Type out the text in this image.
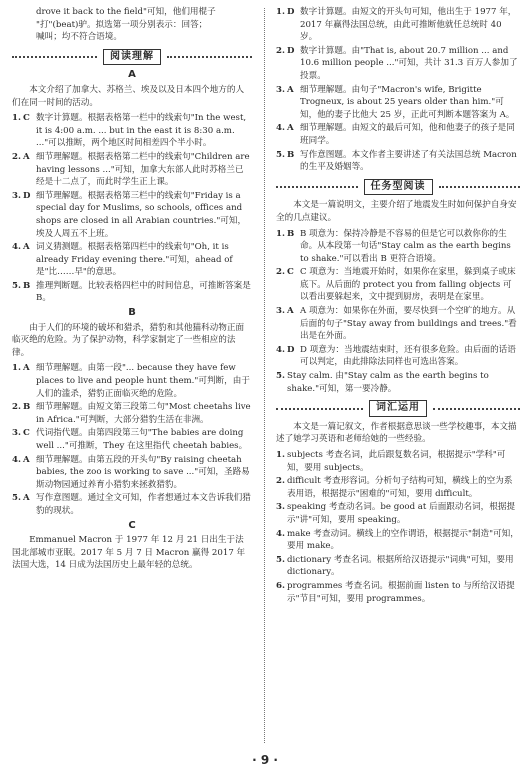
drove it back to the field"可知，他们用棍子

"打"(beat)驴。拟选第一项分别表示：回答；

喊叫；均不符合语境。

阅读理解
A

本文介绍了加拿大、苏格兰、埃及以及日本四个地方的人们在同一时间的活动。

1. C 数字计算题。根据表格第一栏中的线索句"In the west, it is 4:00 a.m. ... but in the east it is 8:30 a.m. ..."可以推断，两个地区时间相差四个半小时。
2. A 细节理解题。根据表格第二栏中的线索句"Children are having lessons ..."可知，加拿大东部人此时苏格兰已经是十二点了，而此时学生正上课。
3. D 细节理解题。根据表格第三栏中的线索句"Friday is a special day for Muslims, so schools, offices and shops are closed in all Arabian countries."可知，埃及人周五不上班。
4. A 词义猜测题。根据表格第四栏中的线索句"Oh, it is already Friday evening there."可知，ahead of 是"比……早"的意思。
5. B 推理判断题。比较表格四栏中的时间信息，可推断答案是 B。
B

由于人们的环境的破坏和猎杀，猎豹和其他猫科动物正面临灭绝的危险。为了保护动物，科学家制定了一些相应的法律。

1. A 细节理解题。由第一段"... because they have few places to live and people hunt them."可判断，由于人们的滥杀，猎豹正面临灭绝的危险。
2. B 细节理解题。由短文第三段第二句"Most cheetahs live in Africa."可判断，大部分猎豹生活在非洲。
3. C 代词指代题。由第四段第三句"The babies are doing well ..."可推断，They 在这里指代 cheetah babies。
4. A 细节理解题。由第五段的开头句"By raising cheetah babies, the zoo is working to save ..."可知，圣路易斯动物园通过养育小猎豹来拯救猎豹。
5. A 写作意图题。通过全文可知，作者想通过本文告诉我们猎豹的现状。
C

Emmanuel Macron 于 1977 年 12 月 21 日出生于法国北部城市亚眠。2017 年 5 月 7 日 Macron 赢得 2017 年法国大选，14 日成为法国历史上最年轻的总统。

1. D 数字计算题。由短文的开头句可知，他出生于 1977 年，2017 年赢得法国总统，由此可推断他就任总统时 40 岁。
2. D 数字计算题。由"That is, about 20.7 million ... and 10.6 million people ..."可知，共计 31.3 百万人参加了投票。
3. A 细节理解题。由句子"Macron's wife, Brigitte Trogneux, is about 25 years older than him."可知，他的妻子比他大 25 岁，正此可判断本题答案为 A。
4. A 细节理解题。由短文的最后可知，他和他妻子的孩子是同班同学。
5. B 写作意图题。本文作者主要讲述了有关法国总统 Macron 的生平及婚姻等。
任务型阅读

本文是一篇说明文，主要介绍了地震发生时如何保护自身安全的几点建议。

1. B B 项意为：保持冷静是不容易的但是它可以救你你的生命。从本段第一句话"Stay calm as the earth begins to shake."可以看出 B 更符合语境。
2. C C 项意为：当地震开始时，如果你在家里，躲到桌子或床底下。从后面的 protect you from falling objects 可以看出要躲起来，文中提到厨房，表明是在家里。
3. A A 项意为：如果你在外面，要尽快到一个空旷的地方。从后面的句子"Stay away from buildings and trees."看出是在外面。
4. D D 项意为：当地震结束时，还有很多危险。由后面的话语可以判定，由此排除法同样也可选出答案。
5. Stay calm. 由"Stay calm as the earth begins to shake."可知，第一要冷静。
词汇运用

本文是一篇记叙文，作者根据意思谈一些学校趣事，本文描述了她学习英语和老师给她的一些经验。

1. subjects 考查名词，此后跟复数名词，根据提示"学科"可知，要用 subjects。
2. difficult 考查形容词。分析句子结构可知，横线上的空为系表用语，根据提示"困难的"可知，要用 difficult。
3. speaking 考查动名词。be good at 后面跟动名词，根据提示"讲"可知，要用 speaking。
4. make 考查动词。横线上的空作谓语，根据提示"制造"可知，要用 make。
5. dictionary 考查名词。根据所给汉语提示"词典"可知，要用 dictionary。
6. programmes 考查名词。根据前面 listen to 与所给汉语提示"节目"可知，要用 programmes。
· 9 ·
